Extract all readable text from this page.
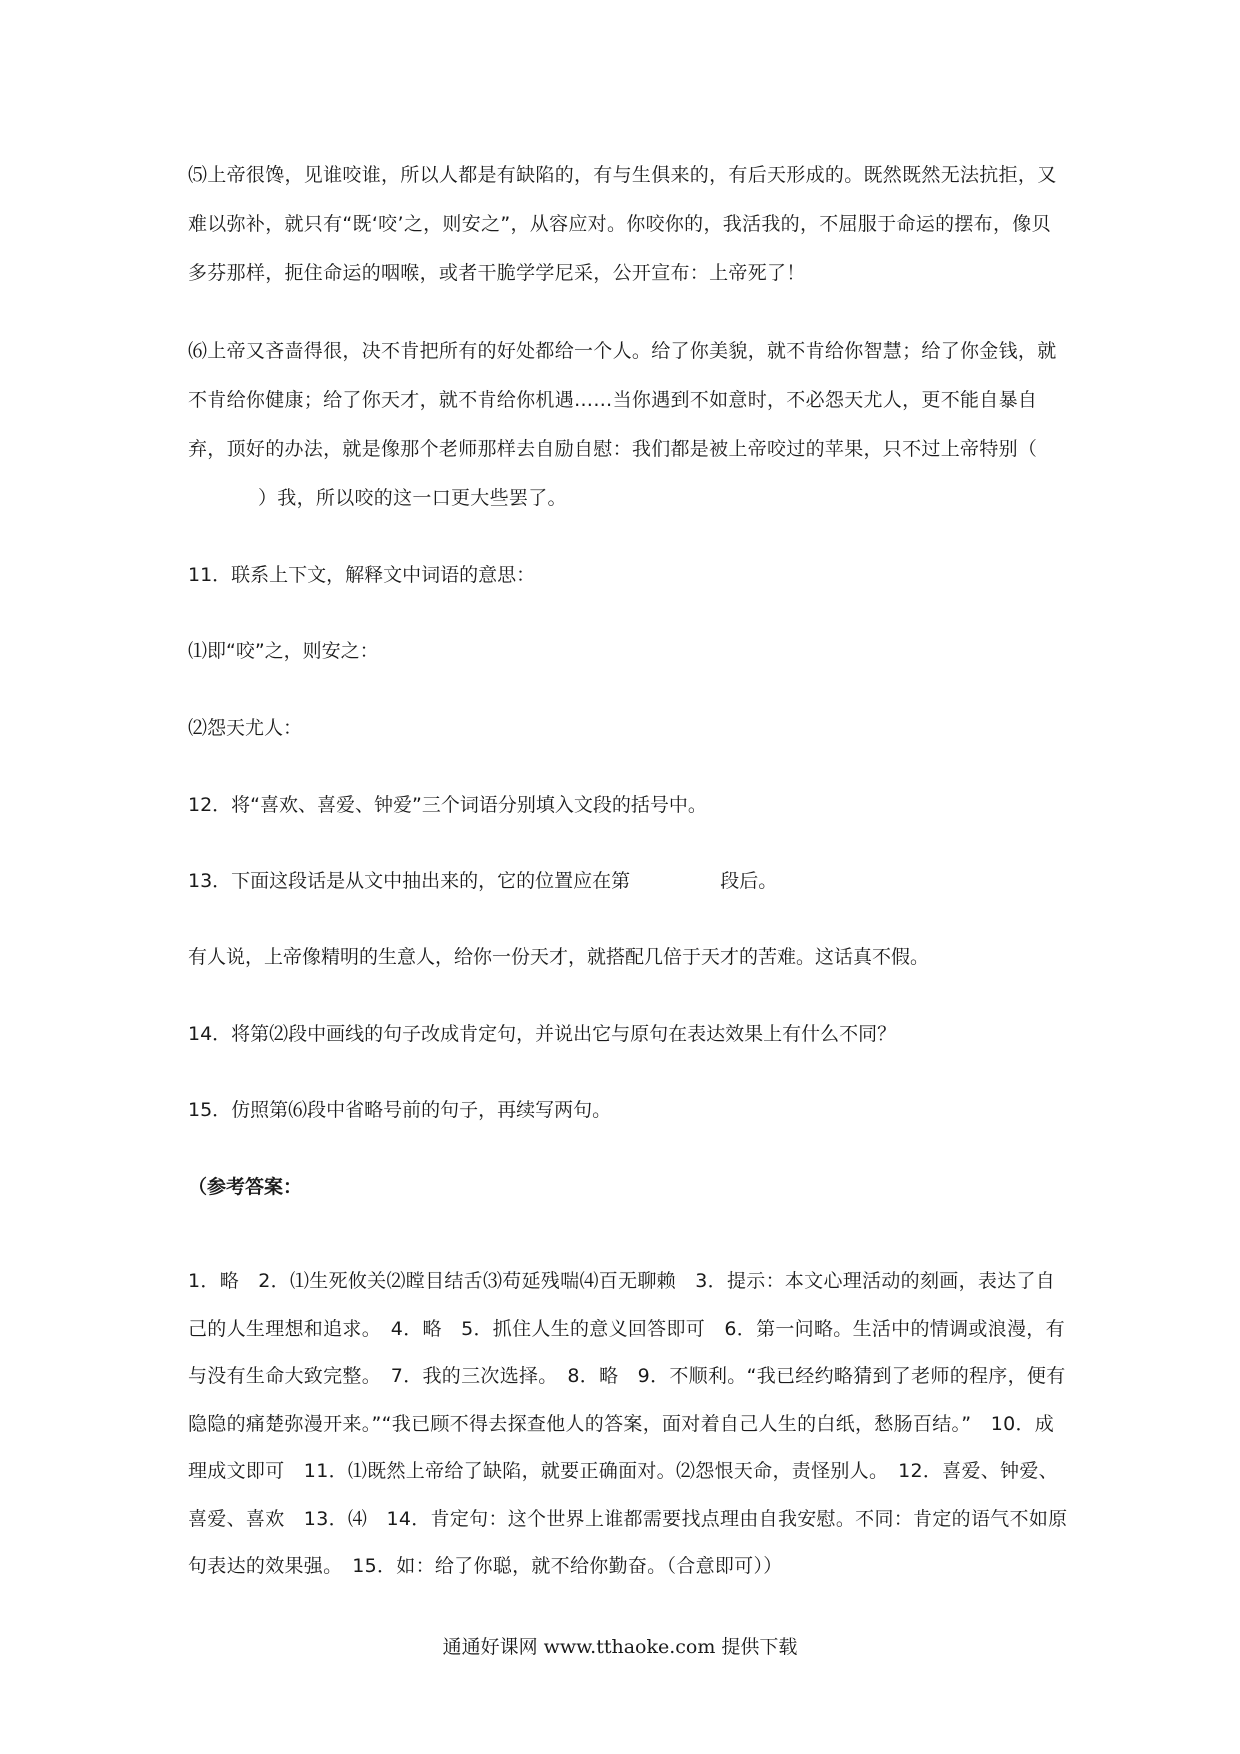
⑸上帝很馋，见谁咬谁，所以人都是有缺陷的，有与生俱来的，有后天形成的。既然既然无法抗拒，又难以弥补，就只有“既‘咬’之，则安之”，从容应对。你咬你的，我活我的，不屈服于命运的摆布，像贝多芬那样，扼住命运的咽喉，或者干脆学学尼采，公开宣布：上帝死了！
⑹上帝又吝啬得很，决不肯把所有的好处都给一个人。给了你美貌，就不肯给你智慧；给了你金钱，就不肯给你健康；给了你天才，就不肯给你机遇……当你遇到不如意时，不必怨天尤人，更不能自暴自弃，顶好的办法，就是像那个老师那样去自励自慰：我们都是被上帝咬过的苹果，只不过上帝特别（）我，所以咬的这一口更大些罢了。
11．联系上下文，解释文中词语的意思：
⑴即“咬”之，则安之：
⑵怨天尤人：
12．将“喜欢、喜爱、钟爱”三个词语分别填入文段的括号中。
13．下面这段话是从文中抽出来的，它的位置应在第	段后。
有人说，上帝像精明的生意人，给你一份天才，就搭配几倍于天才的苦难。这话真不假。
14．将第⑵段中画线的句子改成肯定句，并说出它与原句在表达效果上有什么不同？
15．仿照第⑹段中省略号前的句子，再续写两句。
（参考答案：
1．略　2．⑴生死攸关⑵瞠目结舌⑶苟延残喘⑷百无聊赖　3．提示：本文心理活动的刻画，表达了自己的人生理想和追求。　4．略　5．抓住人生的意义回答即可　6．第一问略。生活中的情调或浪漫，有与没有生命大致完整。　7．我的三次选择。　8．略　9．不顺利。“我已经约略猜到了老师的程序，便有隐隐的痛楚弥漫开来。”“我已顾不得去探查他人的答案，面对着自己人生的白纸，愁肠百结。”　10．成理成文即可　11．⑴既然上帝给了缺陷，就要正确面对。⑵怨恨天命，责怪别人。　12．喜爱、钟爱、喜爱、喜欢　13．⑷　14．肯定句：这个世界上谁都需要找点理由自我安慰。不同：肯定的语气不如原句表达的效果强。　15．如：给了你聪，就不给你勤奋。（合意即可））
通通好课网 www.tthaoke.com 提供下载
